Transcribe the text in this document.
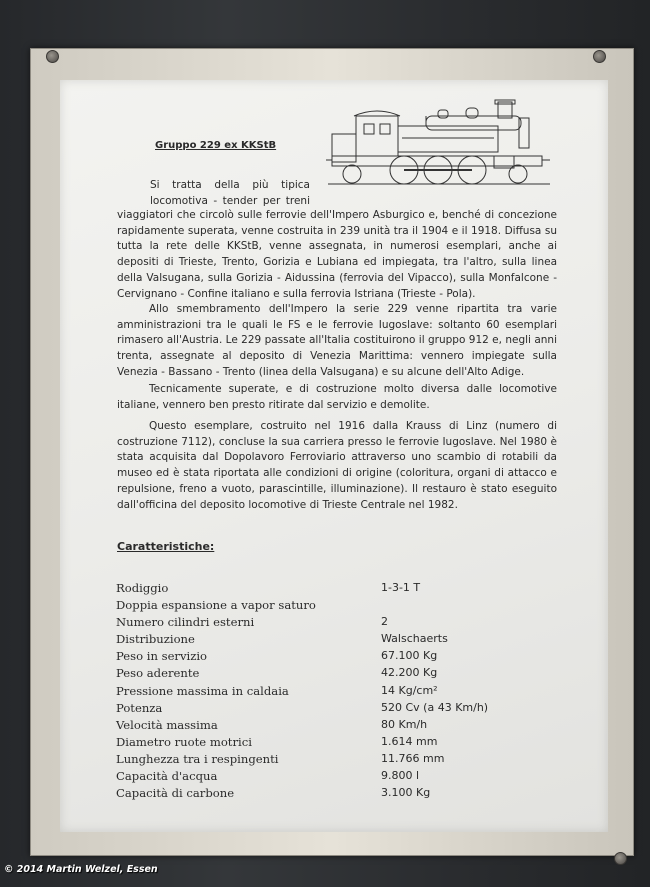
Gruppo 229 ex KKStB
Si tratta della più tipica locomotiva - tender per treni
viaggiatori che circolò sulle ferrovie dell'Impero Asburgico e, benché di concezione rapidamente superata, venne costruita in 239 unità tra il 1904 e il 1918. Diffusa su tutta la rete delle KKStB, venne assegnata, in numerosi esemplari, anche ai depositi di Trieste, Trento, Gorizia e Lubiana ed impiegata, tra l'altro, sulla linea della Valsugana, sulla Gorizia - Aidussina (ferrovia del Vipacco), sulla Monfalcone - Cervignano - Confine italiano e sulla ferrovia Istriana (Trieste - Pola).
Allo smembramento dell'Impero la serie 229 venne ripartita tra varie amministrazioni tra le quali le FS e le ferrovie Iugoslave: soltanto 60 esemplari rimasero all'Austria. Le 229 passate all'Italia costituirono il gruppo 912 e, negli anni trenta, assegnate al deposito di Venezia Marittima: vennero impiegate sulla Venezia - Bassano - Trento (linea della Valsugana) e su alcune dell'Alto Adige.
Tecnicamente superate, e di costruzione molto diversa dalle locomotive italiane, vennero ben presto ritirate dal servizio e demolite.
Questo esemplare, costruito nel 1916 dalla Krauss di Linz (numero di costruzione 7112), concluse la sua carriera presso le ferrovie Iugoslave. Nel 1980 è stata acquisita dal Dopolavoro Ferroviario attraverso uno scambio di rotabili da museo ed è stata riportata alle condizioni di origine (coloritura, organi di attacco e repulsione, freno a vuoto, parascintille, illuminazione). Il restauro è stato eseguito dall'officina del deposito locomotive di Trieste Centrale nel 1982.
Caratteristiche:
Rodiggio	1-3-1 T
Doppia espansione a vapor saturo
Numero cilindri esterni	2
Distribuzione	Walschaerts
Peso in servizio	67.100 Kg
Peso aderente	42.200 Kg
Pressione massima in caldaia	14 Kg/cm²
Potenza	520 Cv (a 43 Km/h)
Velocità massima	80 Km/h
Diametro ruote motrici	1.614 mm
Lunghezza tra i respingenti	11.766 mm
Capacità d'acqua	9.800 l
Capacità di carbone	3.100 Kg
© 2014 Martin Welzel, Essen
